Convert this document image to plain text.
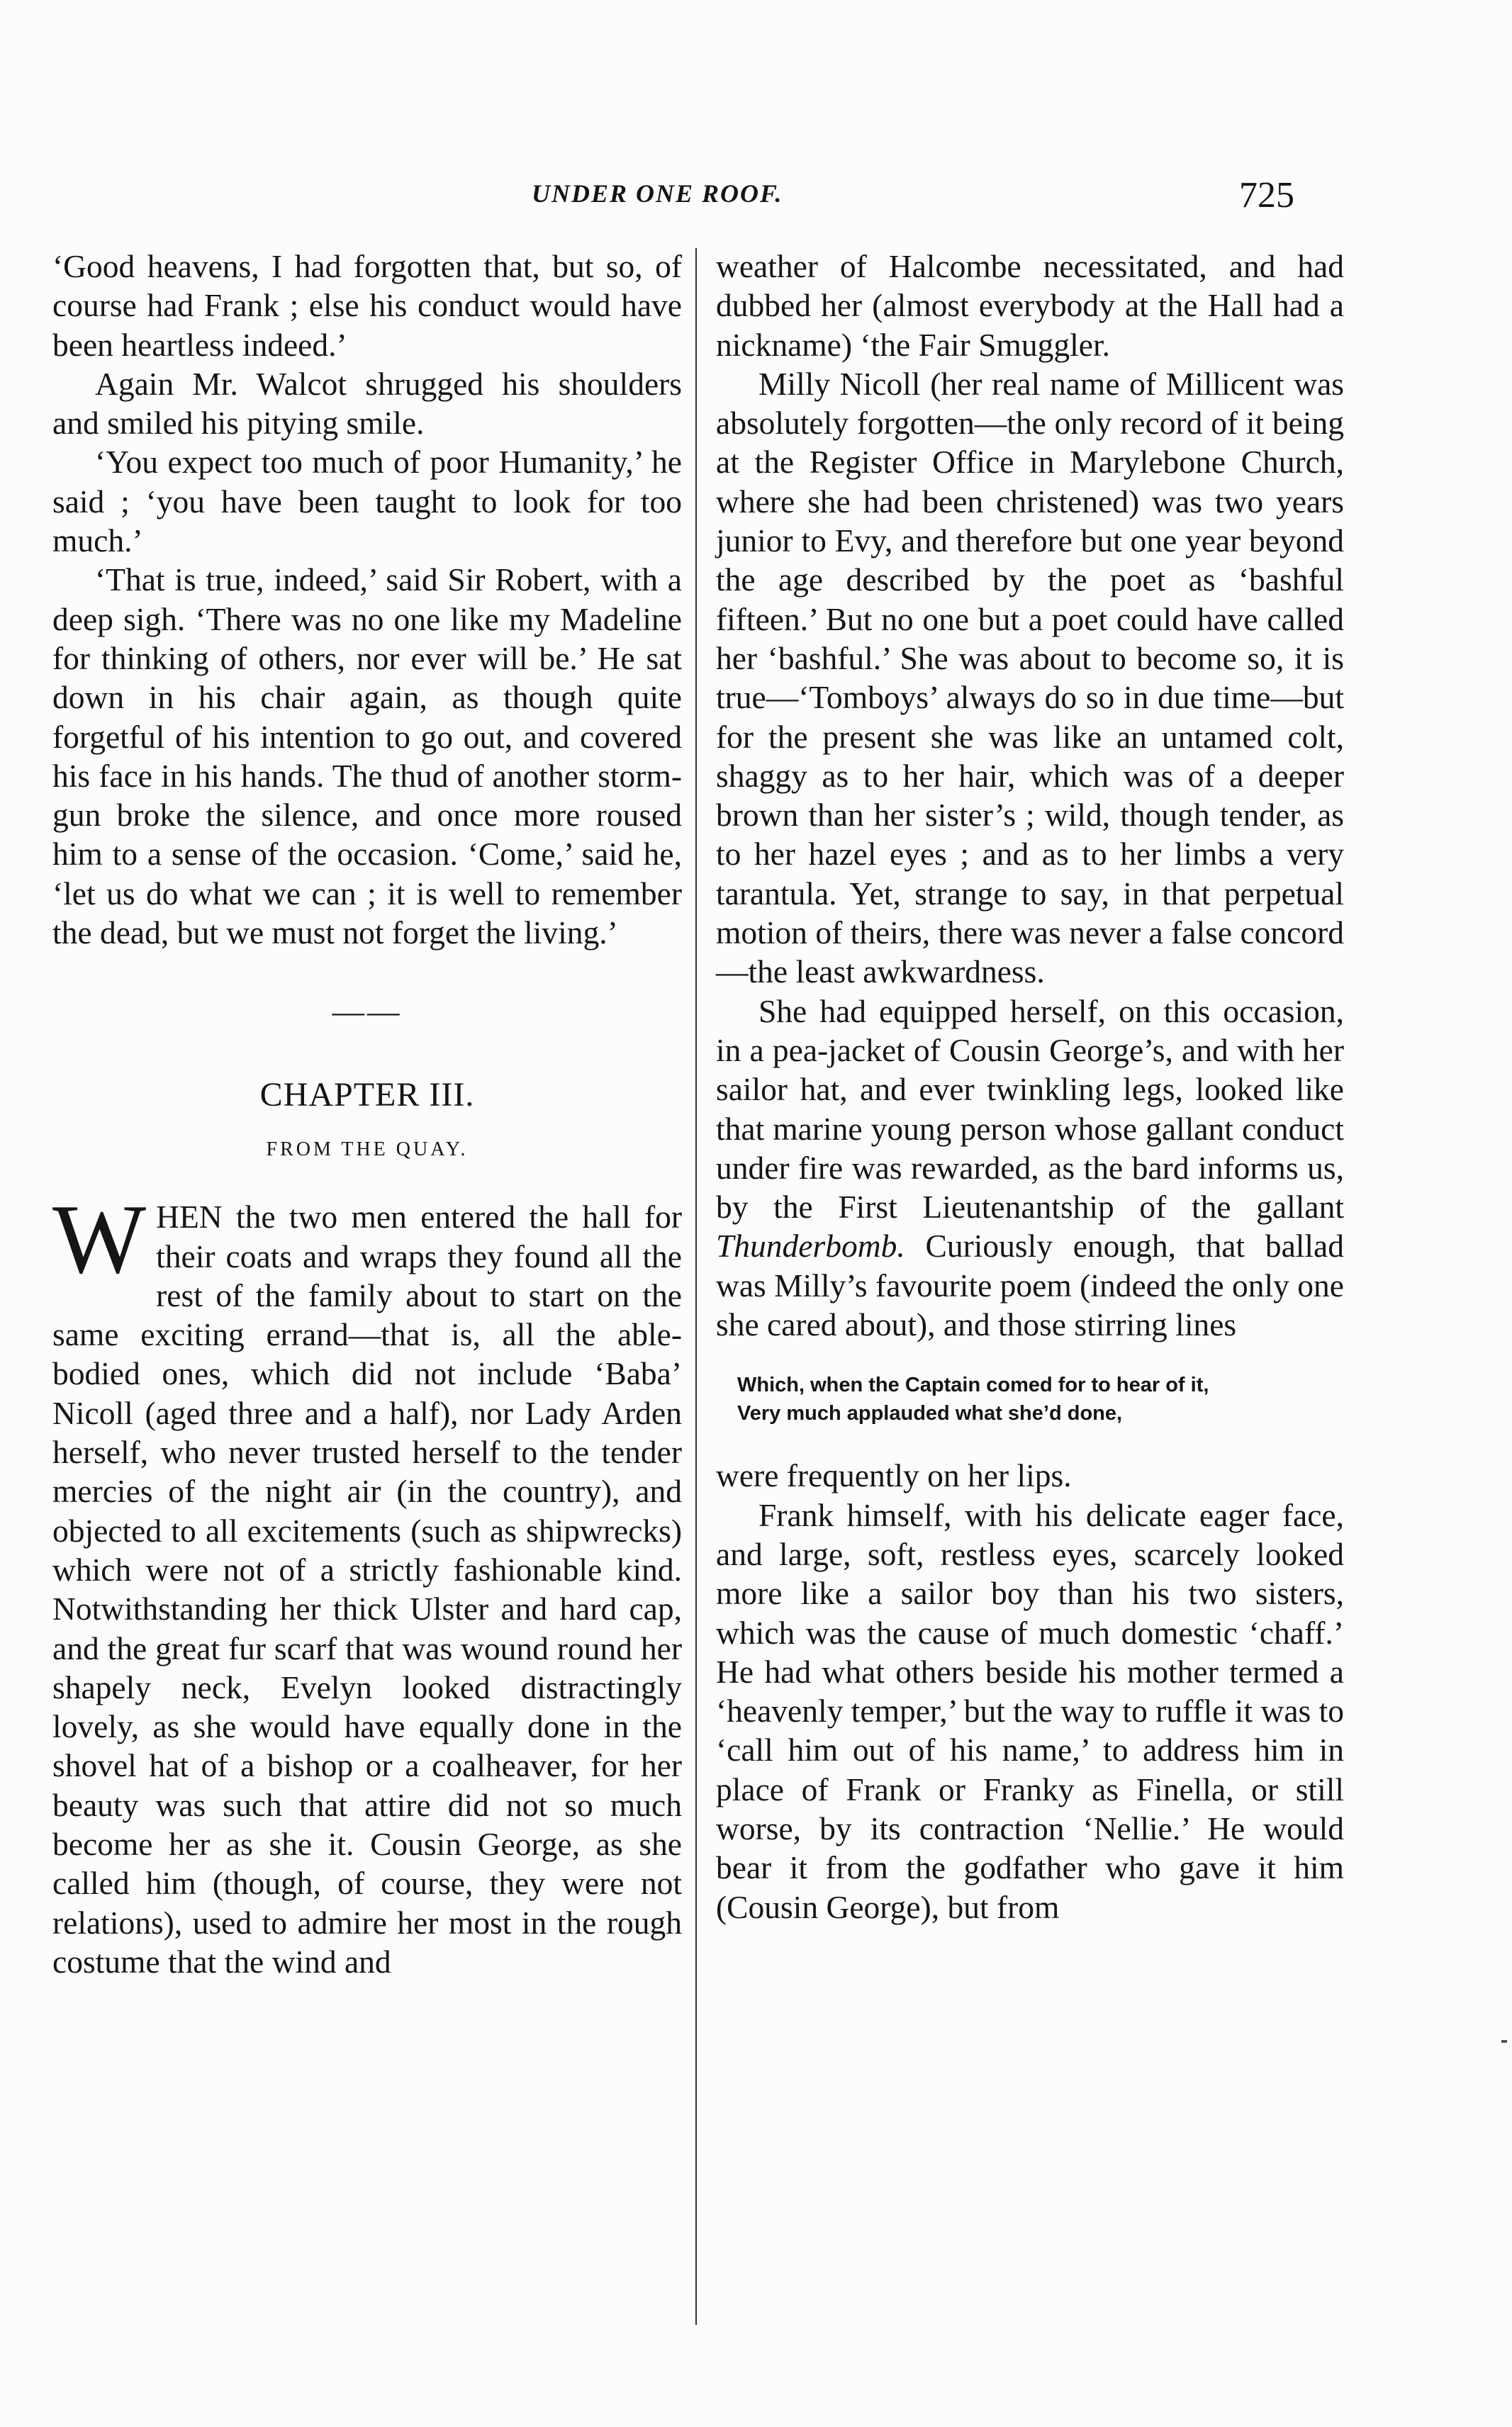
UNDER ONE ROOF.	725

‘Good heavens, I had forgotten that, but so, of course had Frank ; else his conduct would have been heartless indeed.’

Again Mr. Walcot shrugged his shoulders and smiled his pitying smile.

‘You expect too much of poor Humanity,’ he said ; ‘you have been taught to look for too much.’

‘That is true, indeed,’ said Sir Robert, with a deep sigh. ‘There was no one like my Madeline for thinking of others, nor ever will be.’ He sat down in his chair again, as though quite forgetful of his intention to go out, and covered his face in his hands. The thud of another storm-gun broke the silence, and once more roused him to a sense of the occasion. ‘Come,’ said he, ‘let us do what we can ; it is well to remember the dead, but we must not forget the living.’

——

CHAPTER III.

FROM THE QUAY.

WHEN the two men entered the hall for their coats and wraps they found all the rest of the family about to start on the same exciting errand—that is, all the able-bodied ones, which did not include ‘Baba’ Nicoll (aged three and a half), nor Lady Arden herself, who never trusted herself to the tender mercies of the night air (in the country), and objected to all excitements (such as shipwrecks) which were not of a strictly fashionable kind. Notwithstanding her thick Ulster and hard cap, and the great fur scarf that was wound round her shapely neck, Evelyn looked distractingly lovely, as she would have equally done in the shovel hat of a bishop or a coalheaver, for her beauty was such that attire did not so much become her as she it. Cousin George, as she called him (though, of course, they were not relations), used to admire her most in the rough costume that the wind and

weather of Halcombe necessitated, and had dubbed her (almost everybody at the Hall had a nickname) ‘the Fair Smuggler.

Milly Nicoll (her real name of Millicent was absolutely forgotten—the only record of it being at the Register Office in Marylebone Church, where she had been christened) was two years junior to Evy, and therefore but one year beyond the age described by the poet as ‘bashful fifteen.’ But no one but a poet could have called her ‘bashful.’ She was about to become so, it is true—‘Tomboys’ always do so in due time—but for the present she was like an untamed colt, shaggy as to her hair, which was of a deeper brown than her sister’s ; wild, though tender, as to her hazel eyes ; and as to her limbs a very tarantula. Yet, strange to say, in that perpetual motion of theirs, there was never a false concord —the least awkwardness.

She had equipped herself, on this occasion, in a pea-jacket of Cousin George’s, and with her sailor hat, and ever twinkling legs, looked like that marine young person whose gallant conduct under fire was rewarded, as the bard informs us, by the First Lieutenantship of the gallant Thunderbomb. Curiously enough, that ballad was Milly’s favourite poem (indeed the only one she cared about), and those stirring lines

Which, when the Captain comed for to hear of it,
Very much applauded what she’d done,

were frequently on her lips.

Frank himself, with his delicate eager face, and large, soft, restless eyes, scarcely looked more like a sailor boy than his two sisters, which was the cause of much domestic ‘chaff.’ He had what others beside his mother termed a ‘heavenly temper,’ but the way to ruffle it was to ‘call him out of his name,’ to address him in place of Frank or Franky as Finella, or still worse, by its contraction ‘Nellie.’ He would bear it from the godfather who gave it him (Cousin George), but from
